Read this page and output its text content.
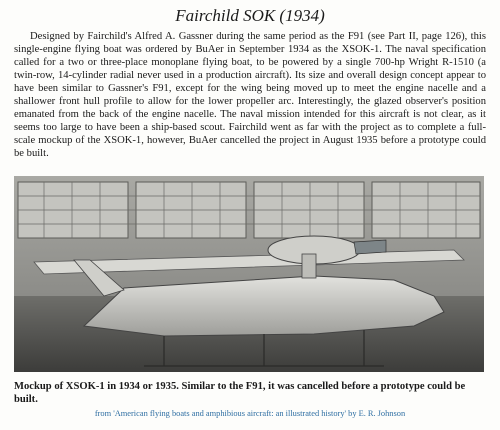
Fairchild SOK (1934)

Designed by Fairchild's Alfred A. Gassner during the same period as the F91 (see Part II, page 126), this single-engine flying boat was ordered by BuAer in September 1934 as the XSOK-1. The naval specification called for a two or three-place monoplane flying boat, to be powered by a single 700-hp Wright R-1510 (a twin-row, 14-cylinder radial never used in a production aircraft). Its size and overall design concept appear to have been similar to Gassner's F91, except for the wing being moved up to meet the engine nacelle and a shallower front hull profile to allow for the lower propeller arc. Interestingly, the glazed observer's position emanated from the back of the engine nacelle. The naval mission intended for this aircraft is not clear, as it seems too large to have been a ship-based scout. Fairchild went as far with the project as to complete a full-scale mockup of the XSOK-1, however, BuAer cancelled the project in August 1935 before a prototype could be built.

Mockup of XSOK-1 in 1934 or 1935. Similar to the F91, it was cancelled before a prototype could be built.

from 'American flying boats and amphibious aircraft: an illustrated history' by E. R. Johnson
